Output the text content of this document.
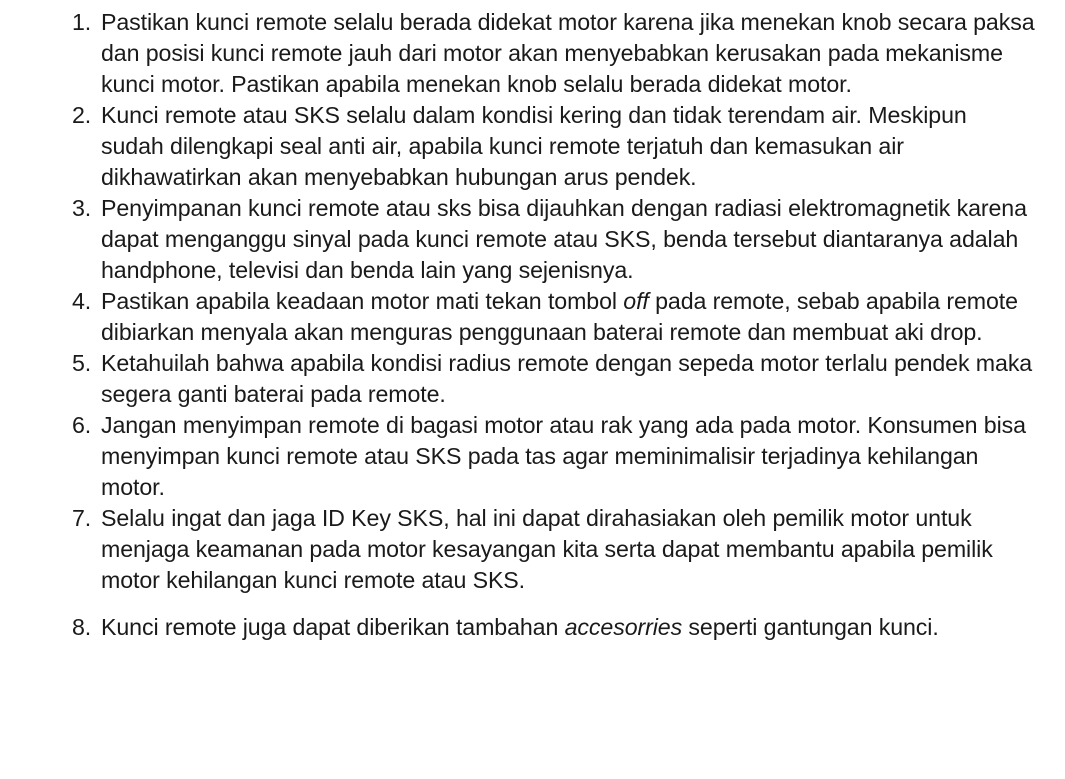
1. Pastikan kunci remote selalu berada didekat motor karena jika menekan knob secara paksa dan posisi kunci remote jauh dari motor akan menyebabkan kerusakan pada mekanisme kunci motor. Pastikan apabila menekan knob selalu berada didekat motor.
2. Kunci remote atau SKS selalu dalam kondisi kering dan tidak terendam air. Meskipun sudah dilengkapi seal anti air, apabila kunci remote terjatuh dan kemasukan air dikhawatirkan akan menyebabkan hubungan arus pendek.
3. Penyimpanan kunci remote atau sks bisa dijauhkan dengan radiasi elektromagnetik karena dapat menganggu sinyal pada kunci remote atau SKS, benda tersebut diantaranya adalah handphone, televisi dan benda lain yang sejenisnya.
4. Pastikan apabila keadaan motor mati tekan tombol off pada remote, sebab apabila remote dibiarkan menyala akan menguras penggunaan baterai remote dan membuat aki drop.
5. Ketahuilah bahwa apabila kondisi radius remote dengan sepeda motor terlalu pendek maka segera ganti baterai pada remote.
6. Jangan menyimpan remote di bagasi motor atau rak yang ada pada motor. Konsumen bisa menyimpan kunci remote atau SKS pada tas agar meminimalisir terjadinya kehilangan motor.
7. Selalu ingat dan jaga ID Key SKS, hal ini dapat dirahasiakan oleh pemilik motor untuk menjaga keamanan pada motor kesayangan kita serta dapat membantu apabila pemilik motor kehilangan kunci remote atau SKS.
8. Kunci remote juga dapat diberikan tambahan accesorries seperti gantungan kunci.
